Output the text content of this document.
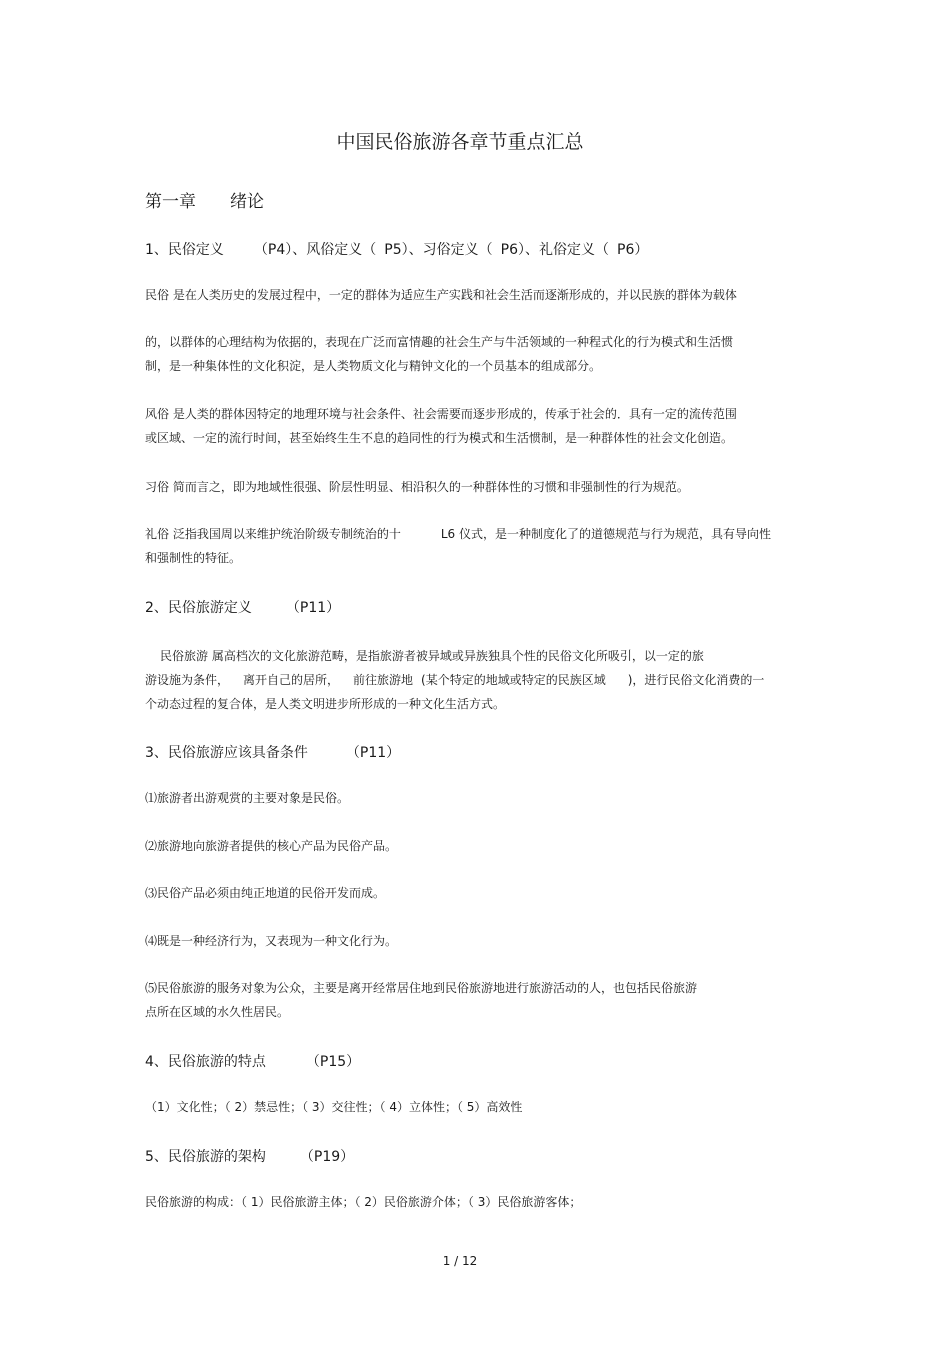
中国民俗旅游各章节重点汇总
第一章 绪论
1、民俗定义 （P4）、风俗定义（ P5）、习俗定义（ P6）、礼俗定义（ P6）
民俗 是在人类历史的发展过程中，一定的群体为适应生产实践和社会生活而逐渐形成的，并以民族的群体为载体
的，以群体的心理结构为依据的，表现在广泛而富情趣的社会生产与牛活领域的一种程式化的行为模式和生活惯
制，是一种集体性的文化积淀，是人类物质文化与精钟文化的一个员基本的组成部分。
风俗 是人类的群体因特定的地理环境与社会条件、社会需要而逐步形成的，传承于社会的．具有一定的流传范围
或区域、一定的流行时间，甚至始终生生不息的趋同性的行为模式和生活惯制，是一种群体性的社会文化创造。
习俗 简而言之，即为地域性很强、阶层性明显、相沿积久的一种群体性的习惯和非强制性的行为规范。
礼俗 泛指我国周以来维护统治阶级专制统治的十	L6 仪式，是一种制度化了的道德规范与行为规范，具有导向性
和强制性的特征。
2、民俗旅游定义 （P11）
民俗旅游 属高档次的文化旅游范畴，是指旅游者被异域或异族独具个性的民俗文化所吸引，以一定的旅
游设施为条件， 离开自己的居所， 前往旅游地 (某个特定的地域或特定的民族区域 )，进行民俗文化消费的一
个动态过程的复合体，是人类文明进步所形成的一种文化生活方式。
3、民俗旅游应该具备条件	（P11）
⑴旅游者出游观赏的主要对象是民俗。
⑵旅游地向旅游者提供的核心产品为民俗产品。
⑶民俗产品必须由纯正地道的民俗开发而成。
⑷既是一种经济行为，又表现为一种文化行为。
⑸民俗旅游的服务对象为公众，主要是离开经常居住地到民俗旅游地进行旅游活动的人，也包括民俗旅游
点所在区域的水久性居民。
4、民俗旅游的特点	（P15）
（1）文化性；（ 2）禁忌性；（ 3）交往性；（ 4）立体性；（ 5）高效性
5、民俗旅游的架构 （P19）
民俗旅游的构成：（ 1）民俗旅游主体；（ 2）民俗旅游介体；（ 3）民俗旅游客体；
1 / 12
